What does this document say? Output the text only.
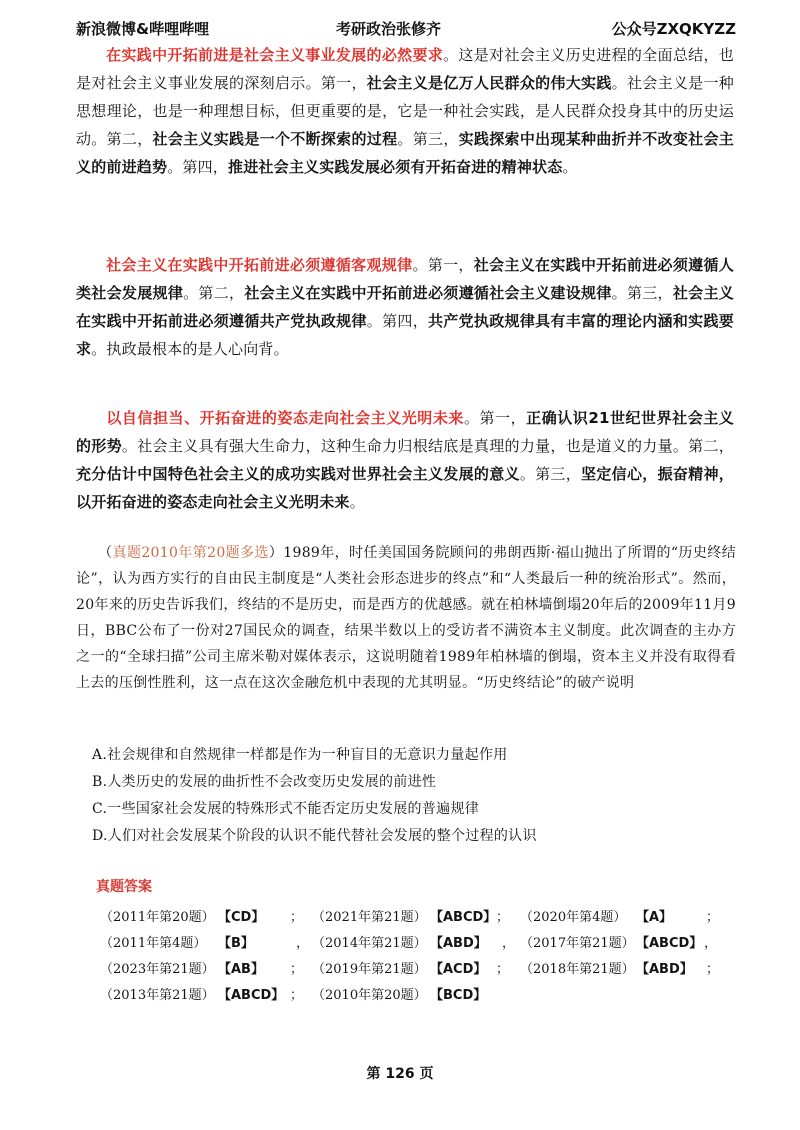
新浪微博&哔哩哔哩	考研政治张修齐	公众号ZXQKYZZ
在实践中开拓前进是社会主义事业发展的必然要求。这是对社会主义历史进程的全面总结，也是对社会主义事业发展的深刻启示。第一，社会主义是亿万人民群众的伟大实践。社会主义是一种思想理论，也是一种理想目标，但更重要的是，它是一种社会实践，是人民群众投身其中的历史运动。第二，社会主义实践是一个不断探索的过程。第三，实践探索中出现某种曲折并不改变社会主义的前进趋势。第四，推进社会主义实践发展必须有开拓奋进的精神状态。
社会主义在实践中开拓前进必须遵循客观规律。第一，社会主义在实践中开拓前进必须遵循人类社会发展规律。第二，社会主义在实践中开拓前进必须遵循社会主义建设规律。第三，社会主义在实践中开拓前进必须遵循共产党执政规律。第四，共产党执政规律具有丰富的理论内涵和实践要求。执政最根本的是人心向背。
以自信担当、开拓奋进的姿态走向社会主义光明未来。第一，正确认识21世纪世界社会主义的形势。社会主义具有强大生命力，这种生命力归根结底是真理的力量，也是道义的力量。第二，充分估计中国特色社会主义的成功实践对世界社会主义发展的意义。第三，坚定信心，振奋精神，以开拓奋进的姿态走向社会主义光明未来。
（真题2010年第20题多选）1989年，时任美国国务院顾问的弗朗西斯·福山抛出了所谓的“历史终结论”，认为西方实行的自由民主制度是“人类社会形态进步的终点”和“人类最后一种的统治形式”。然而，20年来的历史告诉我们，终结的不是历史，而是西方的优越感。就在柏林墙倒塌20年后的2009年11月9日，BBC公布了一份对27国民众的调查，结果半数以上的受访者不满资本主义制度。此次调查的主办方之一的“全球扫描”公司主席米勒对媒体表示，这说明随着1989年柏林墙的倒塌，资本主义并没有取得看上去的压倒性胜利，这一点在这次金融危机中表现的尤其明显。“历史终结论”的破产说明
A.社会规律和自然规律一样都是作为一种盲目的无意识力量起作用
B.人类历史的发展的曲折性不会改变历史发展的前进性
C.一些国家社会发展的特殊形式不能否定历史发展的普遍规律
D.人们对社会发展某个阶段的认识不能代替社会发展的整个过程的认识
真题答案
（2011年第20题） 【CD】 ； （2021年第21题） 【ABCD】 ； （2020年第4题） 【A】	；
（2011年第4题） 【B】	， （2014年第21题） 【ABD】 ， （2017年第21题） 【ABCD】 ，
（2023年第21题） 【AB】 ； （2019年第21题） 【ACD】 ； （2018年第21题） 【ABD】 ；
（2013年第21题） 【ABCD】 ； （2010年第20题） 【BCD】
第 126 页
